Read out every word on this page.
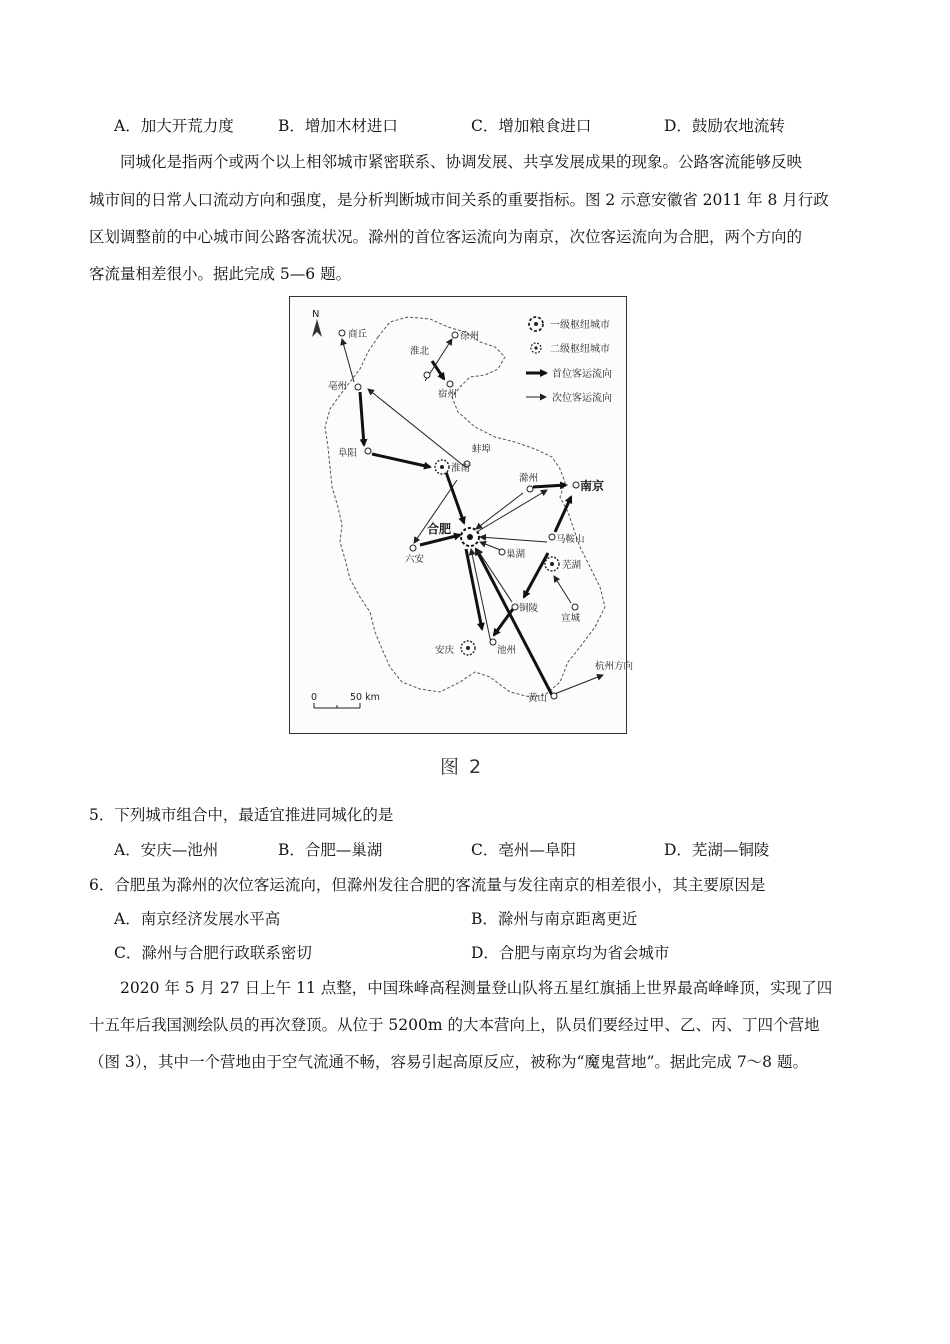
A．加大开荒力度	B．增加木材进口	C．增加粮食进口	D．鼓励农地流转
同城化是指两个或两个以上相邻城市紧密联系、协调发展、共享发展成果的现象。公路客流能够反映
城市间的日常人口流动方向和强度，是分析判断城市间关系的重要指标。图 2 示意安徽省 2011 年 8 月行政
区划调整前的中心城市间公路客流状况。滁州的首位客运流向为南京，次位客运流向为合肥，两个方向的
客流量相差很小。据此完成 5—6 题。
N
一级枢纽城市
二级枢纽城市
首位客运流向
次位客运流向
商丘	徐州
淮北
宿州
亳州
蚌埠
阜阳
淮南
滁州
南京
合肥
马鞍山
巢湖
六安
芜湖
铜陵
宣城
安庆	池州
杭州方向
黄山
0	50 km
图 2
5．下列城市组合中，最适宜推进同城化的是
A．安庆—池州	B．合肥—巢湖	C．亳州—阜阳	D．芜湖—铜陵
6．合肥虽为滁州的次位客运流向，但滁州发往合肥的客流量与发往南京的相差很小，其主要原因是
A．南京经济发展水平高	B．滁州与南京距离更近
C．滁州与合肥行政联系密切	D．合肥与南京均为省会城市
2020 年 5 月 27 日上午 11 点整，中国珠峰高程测量登山队将五星红旗插上世界最高峰峰顶，实现了四
十五年后我国测绘队员的再次登顶。从位于 5200m 的大本营向上，队员们要经过甲、乙、丙、丁四个营地
（图 3），其中一个营地由于空气流通不畅，容易引起高原反应，被称为“魔鬼营地”。据此完成 7～8 题。
